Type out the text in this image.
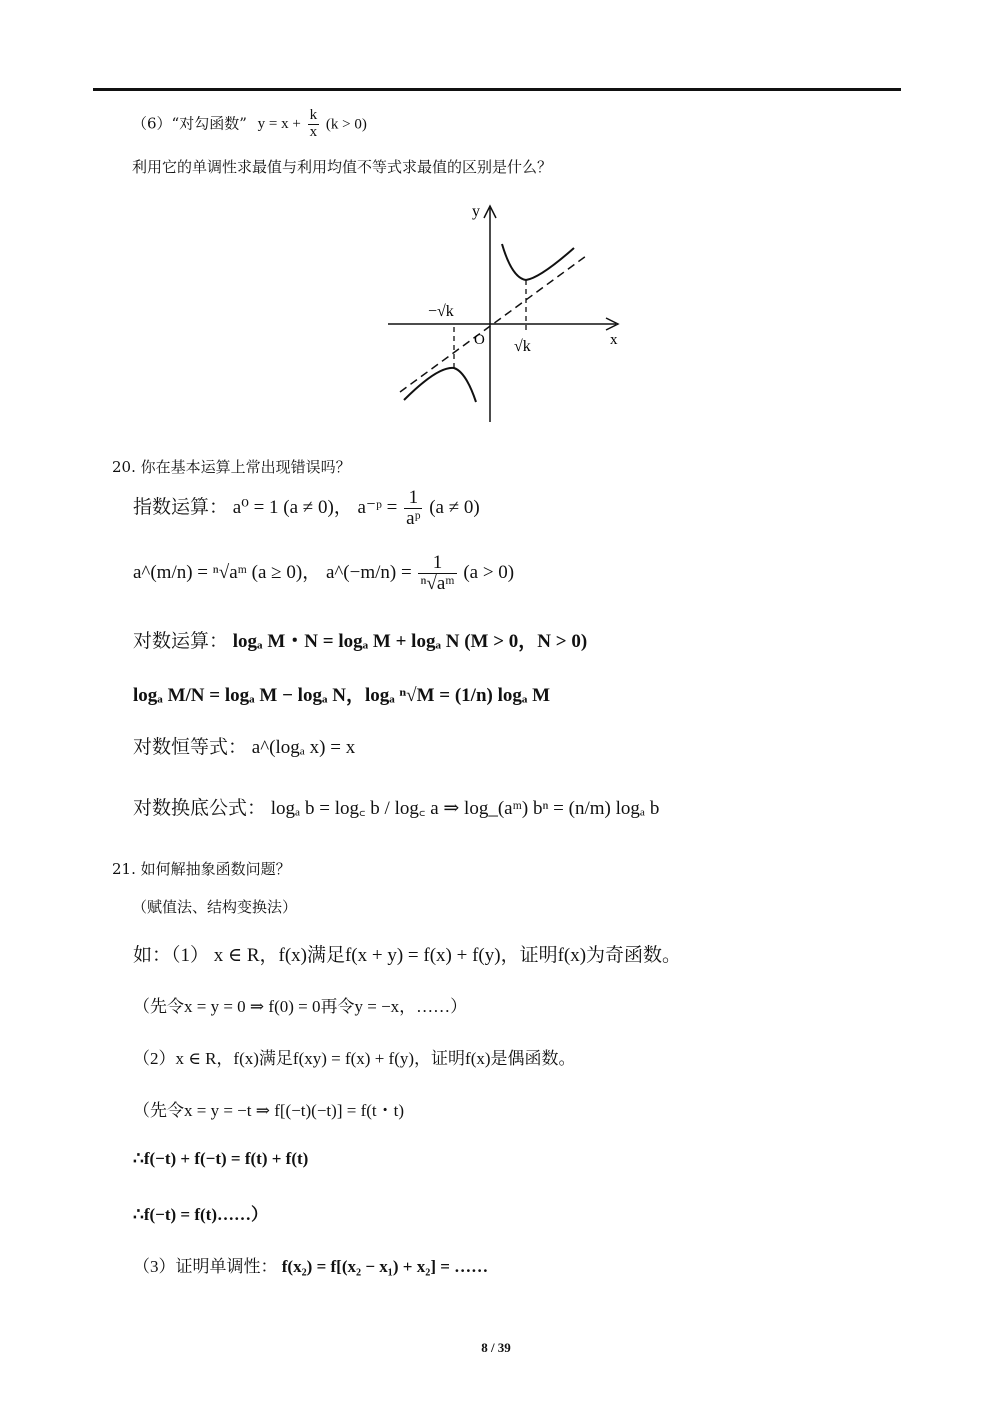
（6）“对勾函数” $y = x + \frac{k}{x} (k > 0)$
利用它的单调性求最值与利用均值不等式求最值的区别是什么？
y
x
O
−√k
√k
20. 你在基本运算上常出现错误吗？
指数运算： a⁰ = 1 (a ≠ 0)， a⁻ᵖ = $\frac{1}{\text{aᵖ}} (a \ne 0)$
a^(m/n) = ⁿ√aᵐ (a ≥ 0)， a^(−m/n) = $\frac{1}{\text{ⁿ√aᵐ}} (a > 0)$
对数运算： logₐ M・N = logₐ M + logₐ N (M > 0，N > 0)
logₐ M/N = logₐ M − logₐ N，logₐ ⁿ√M = (1/n) logₐ M
对数恒等式： a^(logₐ x) = x
对数换底公式： logₐ b = log꜀ b / log꜀ a ⇒ log_(aᵐ) bⁿ = (n/m) logₐ b
21. 如何解抽象函数问题？
（赋值法、结构变换法）
如：（1） x ∈ R，f(x)满足f(x + y) = f(x) + f(y)，证明f(x)为奇函数。
（先令x = y = 0 ⇒ f(0) = 0再令y = −x，……）
（2）x ∈ R，f(x)满足f(xy) = f(x) + f(y)，证明f(x)是偶函数。
（先令x = y = −t ⇒ f[(−t)(−t)] = f(t・t)
∴f(−t) + f(−t) = f(t) + f(t)
∴f(−t) = f(t)……）
（3）证明单调性： f(x₂) = f[(x₂ − x₁) + x₂] = ……
8 / 39
